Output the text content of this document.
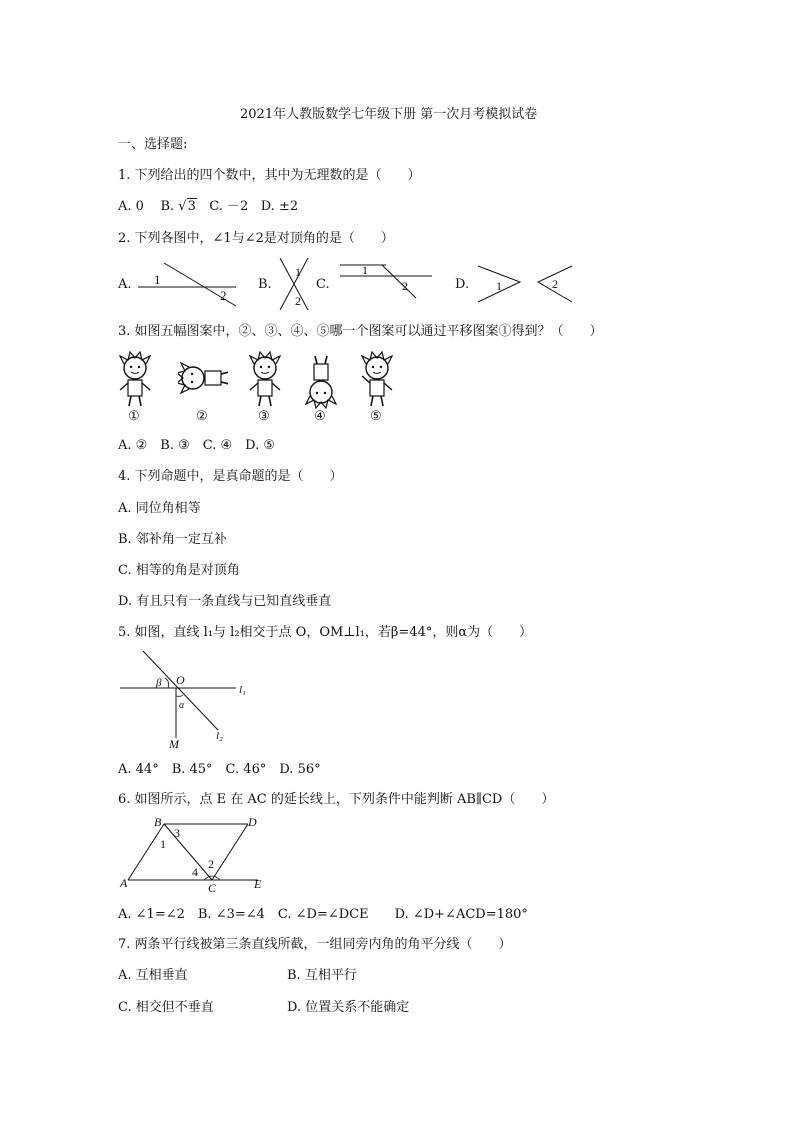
2021年人教版数学七年级下册 第一次月考模拟试卷
一、选择题:
1. 下列给出的四个数中，其中为无理数的是（　　）
A. 0 B. √3 C. －2 D. ±2
2. 下列各图中，∠1与∠2是对顶角的是（　　）
A. 1
2
B.
1
2
C.
1
2	D. 1	2
3. 如图五幅图案中，②、③、④、⑤哪一个图案可以通过平移图案①得到？（　　）
①	②	③	④	⑤
A. ②　B. ③　C. ④　D. ⑤
4. 下列命题中，是真命题的是（　　）
A. 同位角相等
B. 邻补角一定互补
C. 相等的角是对顶角
D. 有且只有一条直线与已知直线垂直
5. 如图，直线 l₁与 l₂相交于点 O，OM⊥l₁，若β=44°，则α为（　　）
β O
l₁
α
l₂
M
A. 44°　B. 45°　C. 46°　D. 56°
6. 如图所示，点 E 在 AC 的延长线上，下列条件中能判断 AB∥CD（　　）
B	D
3
1
2
4
A	C	E
A. ∠1=∠2　B. ∠3=∠4　C. ∠D=∠DCE　　D. ∠D+∠ACD=180°
7. 两条平行线被第三条直线所截，一组同旁内角的角平分线（　　）
A. 互相垂直	B. 互相平行
C. 相交但不垂直	D. 位置关系不能确定
